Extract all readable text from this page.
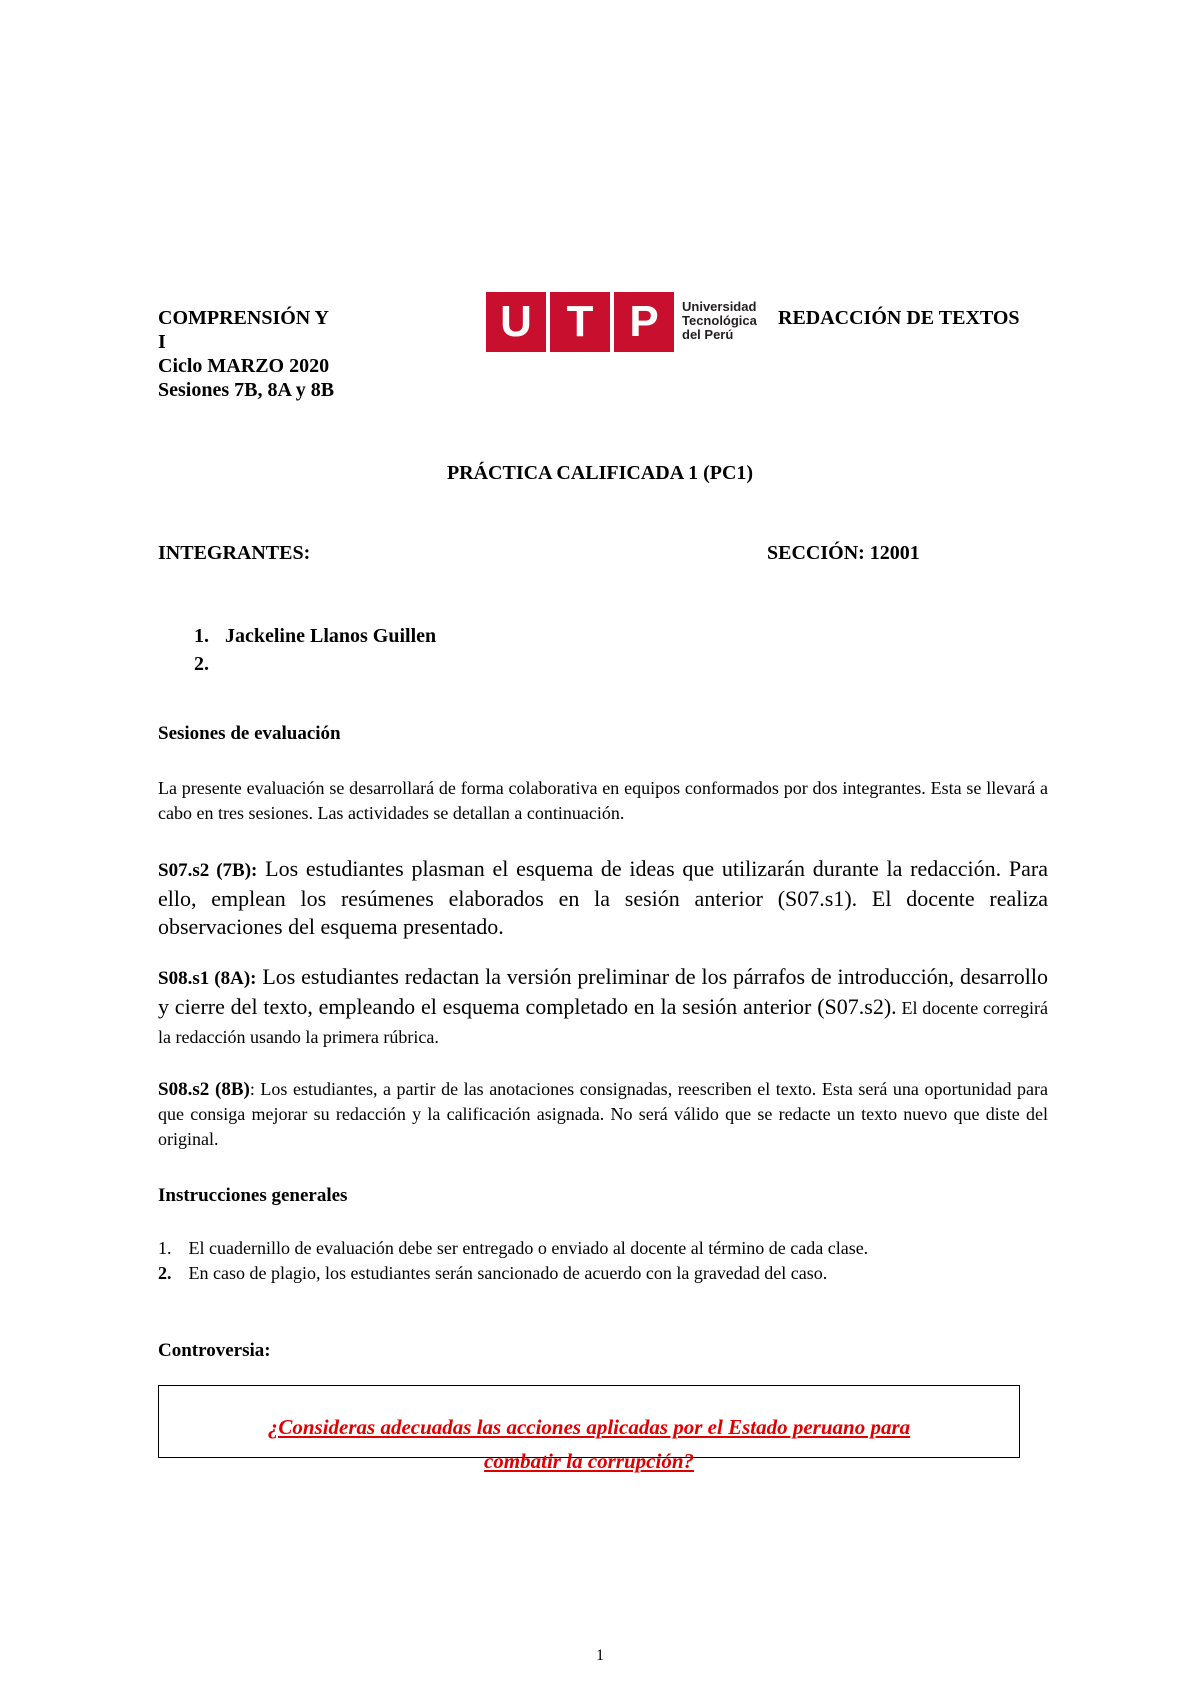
COMPRENSIÓN Y
I
Ciclo MARZO 2020
Sesiones 7B, 8A y 8B
U T P	Universidad
Tecnológica
del Perú
REDACCIÓN DE TEXTOS
PRÁCTICA CALIFICADA 1 (PC1)
INTEGRANTES:	SECCIÓN: 12001
1. Jackeline Llanos Guillen
2.
Sesiones de evaluación
La presente evaluación se desarrollará de forma colaborativa en equipos conformados por dos integrantes. Esta se llevará a cabo en tres sesiones. Las actividades se detallan a continuación.
S07.s2 (7B): Los estudiantes plasman el esquema de ideas que utilizarán durante la redacción. Para ello, emplean los resúmenes elaborados en la sesión anterior (S07.s1). El docente realiza observaciones del esquema presentado.
S08.s1 (8A): Los estudiantes redactan la versión preliminar de los párrafos de introducción, desarrollo y cierre del texto, empleando el esquema completado en la sesión anterior (S07.s2). El docente corregirá la redacción usando la primera rúbrica.
S08.s2 (8B): Los estudiantes, a partir de las anotaciones consignadas, reescriben el texto. Esta será una oportunidad para que consiga mejorar su redacción y la calificación asignada. No será válido que se redacte un texto nuevo que diste del original.
Instrucciones generales
1. El cuadernillo de evaluación debe ser entregado o enviado al docente al término de cada clase.
2. En caso de plagio, los estudiantes serán sancionado de acuerdo con la gravedad del caso.
Controversia:
¿Consideras adecuadas las acciones aplicadas por el Estado peruano para
combatir la corrupción?
1
